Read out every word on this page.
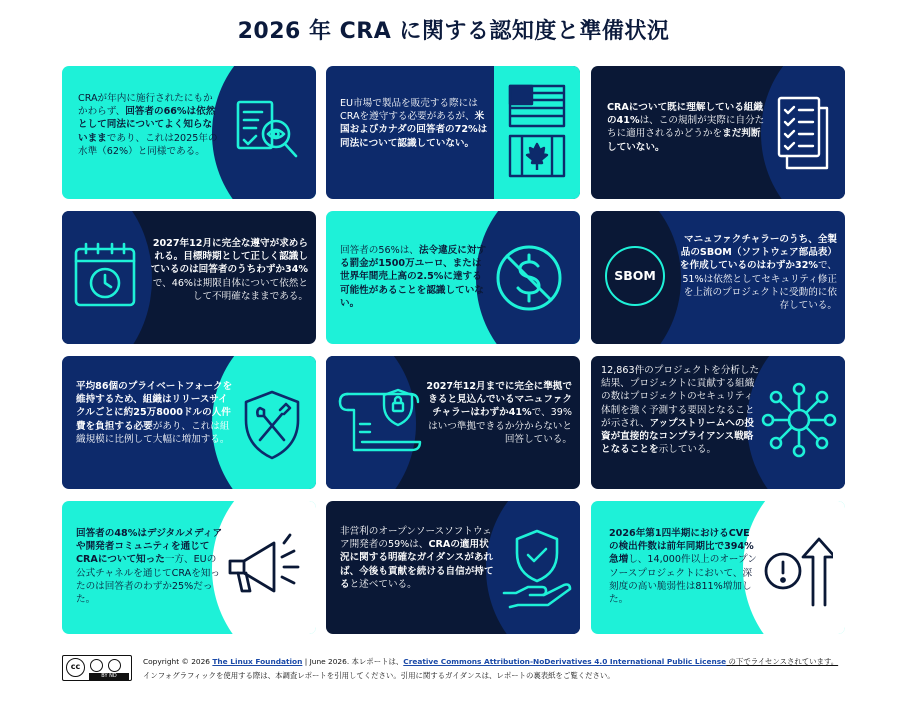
2026 年 CRA に関する認知度と準備状況

CRAが年内に施行されたにもかかわらず、回答者の66%は依然として同法についてよく知らないままであり、これは2025年の水準（62%）と同様である。

EU市場で製品を販売する際にはCRAを遵守する必要があるが、米国およびカナダの回答者の72%は同法について認識していない。

CRAについて既に理解している組織の41%は、この規制が実際に自分たちに適用されるかどうかをまだ判断していない。

2027年12月に完全な遵守が求められる。目標時期として正しく認識しているのは回答者のうちわずか34%で、46%は期限自体について依然として不明確なままである。

回答者の56%は、法令違反に対する罰金が1500万ユーロ、または世界年間売上高の2.5%に達する可能性があることを認識していない。

SBOM

マニュファクチャラーのうち、全製品のSBOM（ソフトウェア部品表）を作成しているのはわずか32%で、51%は依然としてセキュリティ修正を上流のプロジェクトに受動的に依存している。

平均86個のプライベートフォークを維持するため、組織はリリースサイクルごとに約25万8000ドルの人件費を負担する必要があり、これは組織規模に比例して大幅に増加する。

2027年12月までに完全に準拠できると見込んでいるマニュファクチャラーはわずか41%で、39%はいつ準拠できるか分からないと回答している。

12,863件のプロジェクトを分析した結果、プロジェクトに貢献する組織の数はプロジェクトのセキュリティ体制を強く予測する要因となることが示され、アップストリームへの投資が直接的なコンプライアンス戦略となることを示している。

回答者の48%はデジタルメディアや開発者コミュニティを通じてCRAについて知った一方、EUの公式チャネルを通じてCRAを知ったのは回答者のわずか25%だった。

非営利のオープンソースソフトウェア開発者の59%は、CRAの適用状況に関する明確なガイダンスがあれば、今後も貢献を続ける自信が持てると述べている。

2026年第1四半期におけるCVEの検出件数は前年同期比で394%急増し、14,000件以上のオープンソースプロジェクトにおいて、深刻度の高い脆弱性は811%増加した。

cc
BY ND
Copyright © 2026 The Linux Foundation | June 2026. 本レポートは、Creative Commons Attribution-NoDerivatives 4.0 International Public License の下でライセンスされています。
インフォグラフィックを使用する際は、本調査レポートを引用してください。引用に関するガイダンスは、レポートの裏表紙をご覧ください。
